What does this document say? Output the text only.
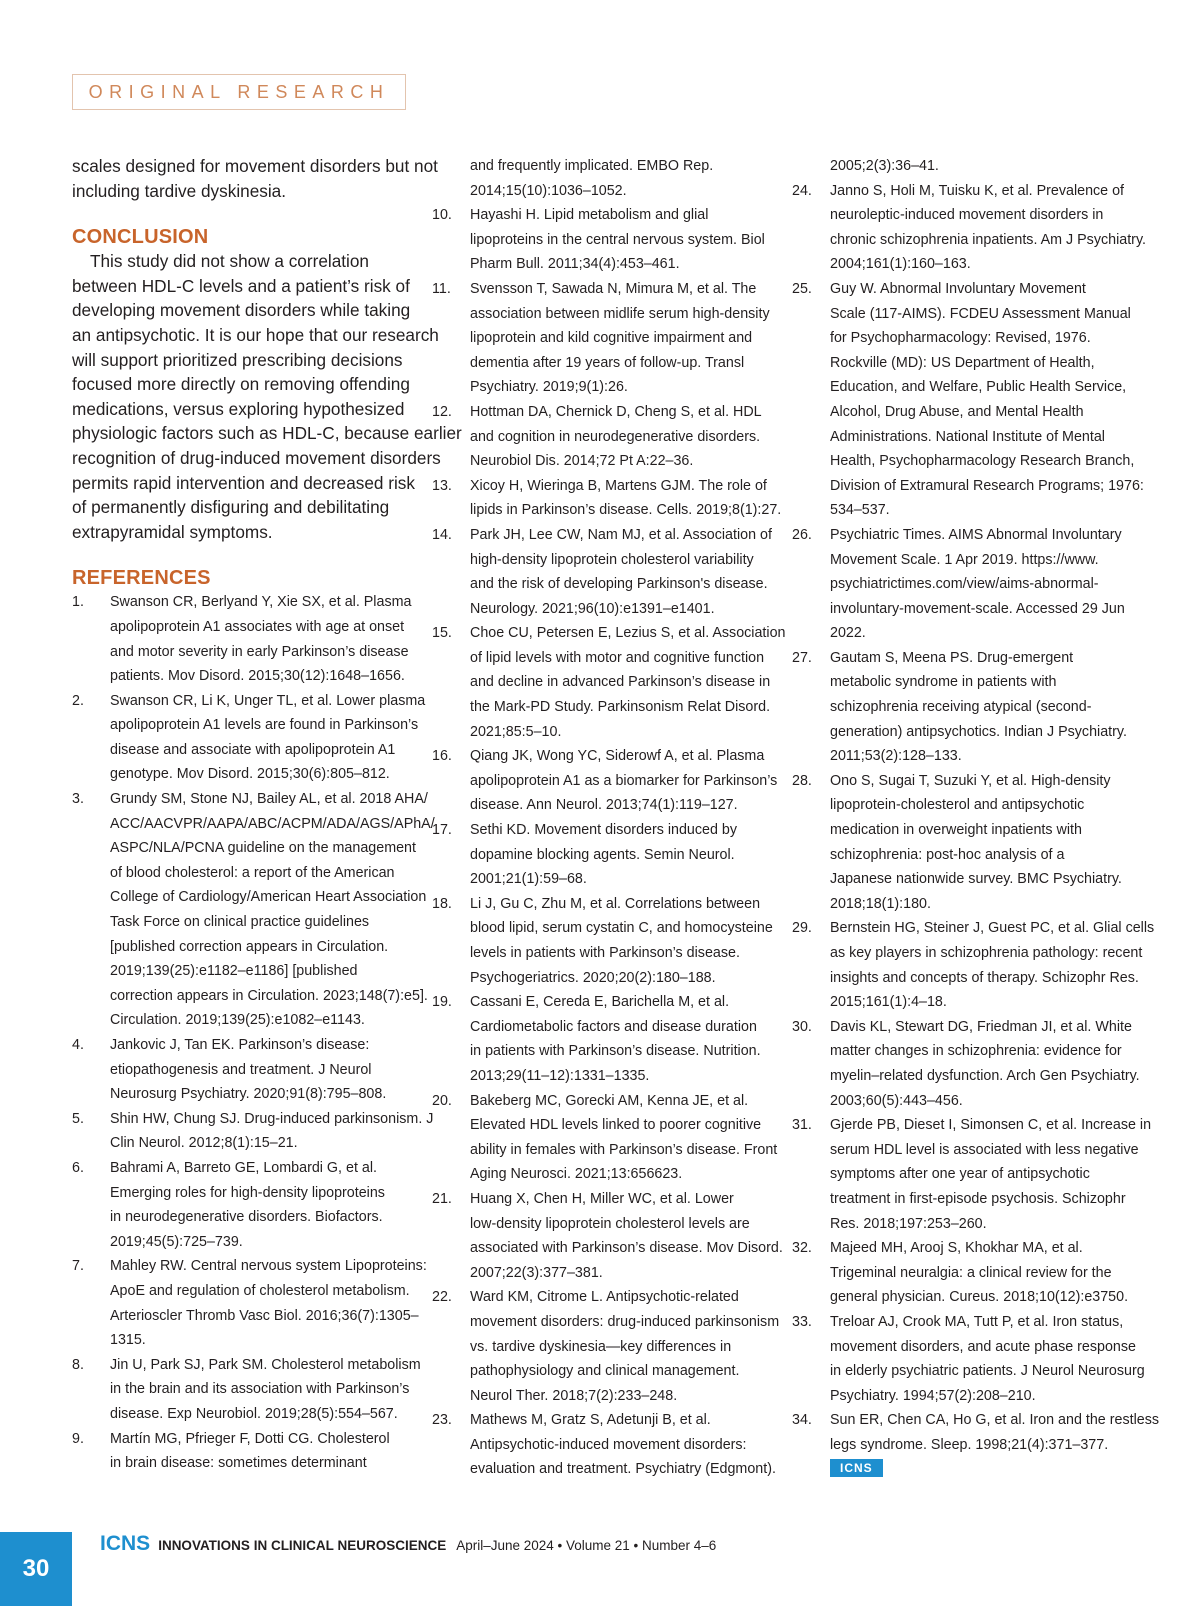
ORIGINAL RESEARCH
scales designed for movement disorders but not
including tardive dyskinesia.
CONCLUSION
This study did not show a correlation
between HDL-C levels and a patient’s risk of
developing movement disorders while taking
an antipsychotic. It is our hope that our research
will support prioritized prescribing decisions
focused more directly on removing offending
medications, versus exploring hypothesized
physiologic factors such as HDL-C, because earlier
recognition of drug-induced movement disorders
permits rapid intervention and decreased risk
of permanently disfiguring and debilitating
extrapyramidal symptoms.
REFERENCES
1.	Swanson CR, Berlyand Y, Xie SX, et al. Plasma
apolipoprotein A1 associates with age at onset
and motor severity in early Parkinson’s disease
patients. Mov Disord. 2015;30(12):1648–1656.
2.	Swanson CR, Li K, Unger TL, et al. Lower plasma
apolipoprotein A1 levels are found in Parkinson’s
disease and associate with apolipoprotein A1
genotype. Mov Disord. 2015;30(6):805–812.
3.	Grundy SM, Stone NJ, Bailey AL, et al. 2018 AHA/
ACC/AACVPR/AAPA/ABC/ACPM/ADA/AGS/APhA/
ASPC/NLA/PCNA guideline on the management
of blood cholesterol: a report of the American
College of Cardiology/American Heart Association
Task Force on clinical practice guidelines
[published correction appears in Circulation.
2019;139(25):e1182–e1186] [published
correction appears in Circulation. 2023;148(7):e5].
Circulation. 2019;139(25):e1082–e1143.
4.	Jankovic J, Tan EK. Parkinson’s disease:
etiopathogenesis and treatment. J Neurol
Neurosurg Psychiatry. 2020;91(8):795–808.
5.	Shin HW, Chung SJ. Drug-induced parkinsonism. J
Clin Neurol. 2012;8(1):15–21.
6.	Bahrami A, Barreto GE, Lombardi G, et al.
Emerging roles for high-density lipoproteins
in neurodegenerative disorders. Biofactors.
2019;45(5):725–739.
7.	Mahley RW. Central nervous system Lipoproteins:
ApoE and regulation of cholesterol metabolism.
Arterioscler Thromb Vasc Biol. 2016;36(7):1305–
1315.
8.	Jin U, Park SJ, Park SM. Cholesterol metabolism
in the brain and its association with Parkinson’s
disease. Exp Neurobiol. 2019;28(5):554–567.
9.	Martín MG, Pfrieger F, Dotti CG. Cholesterol
in brain disease: sometimes determinant
and frequently implicated. EMBO Rep.
2014;15(10):1036–1052.
10.	Hayashi H. Lipid metabolism and glial
lipoproteins in the central nervous system. Biol
Pharm Bull. 2011;34(4):453–461.
11.	Svensson T, Sawada N, Mimura M, et al. The
association between midlife serum high-density
lipoprotein and kild cognitive impairment and
dementia after 19 years of follow-up. Transl
Psychiatry. 2019;9(1):26.
12.	Hottman DA, Chernick D, Cheng S, et al. HDL
and cognition in neurodegenerative disorders.
Neurobiol Dis. 2014;72 Pt A:22–36.
13.	Xicoy H, Wieringa B, Martens GJM. The role of
lipids in Parkinson’s disease. Cells. 2019;8(1):27.
14.	Park JH, Lee CW, Nam MJ, et al. Association of
high-density lipoprotein cholesterol variability
and the risk of developing Parkinson's disease.
Neurology. 2021;96(10):e1391–e1401.
15.	Choe CU, Petersen E, Lezius S, et al. Association
of lipid levels with motor and cognitive function
and decline in advanced Parkinson’s disease in
the Mark-PD Study. Parkinsonism Relat Disord.
2021;85:5–10.
16.	Qiang JK, Wong YC, Siderowf A, et al. Plasma
apolipoprotein A1 as a biomarker for Parkinson’s
disease. Ann Neurol. 2013;74(1):119–127.
17.	Sethi KD. Movement disorders induced by
dopamine blocking agents. Semin Neurol.
2001;21(1):59–68.
18.	Li J, Gu C, Zhu M, et al. Correlations between
blood lipid, serum cystatin C, and homocysteine
levels in patients with Parkinson’s disease.
Psychogeriatrics. 2020;20(2):180–188.
19.	Cassani E, Cereda E, Barichella M, et al.
Cardiometabolic factors and disease duration
in patients with Parkinson’s disease. Nutrition.
2013;29(11–12):1331–1335.
20.	Bakeberg MC, Gorecki AM, Kenna JE, et al.
Elevated HDL levels linked to poorer cognitive
ability in females with Parkinson’s disease. Front
Aging Neurosci. 2021;13:656623.
21.	Huang X, Chen H, Miller WC, et al. Lower
low-density lipoprotein cholesterol levels are
associated with Parkinson’s disease. Mov Disord.
2007;22(3):377–381.
22.	Ward KM, Citrome L. Antipsychotic-related
movement disorders: drug-induced parkinsonism
vs. tardive dyskinesia—key differences in
pathophysiology and clinical management.
Neurol Ther. 2018;7(2):233–248.
23.	Mathews M, Gratz S, Adetunji B, et al.
Antipsychotic-induced movement disorders:
evaluation and treatment. Psychiatry (Edgmont).
2005;2(3):36–41.
24.	Janno S, Holi M, Tuisku K, et al. Prevalence of
neuroleptic-induced movement disorders in
chronic schizophrenia inpatients. Am J Psychiatry.
2004;161(1):160–163.
25.	Guy W. Abnormal Involuntary Movement
Scale (117-AIMS). FCDEU Assessment Manual
for Psychopharmacology: Revised, 1976.
Rockville (MD): US Department of Health,
Education, and Welfare, Public Health Service,
Alcohol, Drug Abuse, and Mental Health
Administrations. National Institute of Mental
Health, Psychopharmacology Research Branch,
Division of Extramural Research Programs; 1976:
534–537.
26.	Psychiatric Times. AIMS Abnormal Involuntary
Movement Scale. 1 Apr 2019. https://www.
psychiatrictimes.com/view/aims-abnormal-
involuntary-movement-scale. Accessed 29 Jun
2022.
27.	Gautam S, Meena PS. Drug-emergent
metabolic syndrome in patients with
schizophrenia receiving atypical (second-
generation) antipsychotics. Indian J Psychiatry.
2011;53(2):128–133.
28.	Ono S, Sugai T, Suzuki Y, et al. High-density
lipoprotein-cholesterol and antipsychotic
medication in overweight inpatients with
schizophrenia: post-hoc analysis of a
Japanese nationwide survey. BMC Psychiatry.
2018;18(1):180.
29.	Bernstein HG, Steiner J, Guest PC, et al. Glial cells
as key players in schizophrenia pathology: recent
insights and concepts of therapy. Schizophr Res.
2015;161(1):4–18.
30.	Davis KL, Stewart DG, Friedman JI, et al. White
matter changes in schizophrenia: evidence for
myelin–related dysfunction. Arch Gen Psychiatry.
2003;60(5):443–456.
31.	Gjerde PB, Dieset I, Simonsen C, et al. Increase in
serum HDL level is associated with less negative
symptoms after one year of antipsychotic
treatment in first-episode psychosis. Schizophr
Res. 2018;197:253–260.
32.	Majeed MH, Arooj S, Khokhar MA, et al.
Trigeminal neuralgia: a clinical review for the
general physician. Cureus. 2018;10(12):e3750.
33.	Treloar AJ, Crook MA, Tutt P, et al. Iron status,
movement disorders, and acute phase response
in elderly psychiatric patients. J Neurol Neurosurg
Psychiatry. 1994;57(2):208–210.
34.	Sun ER, Chen CA, Ho G, et al. Iron and the restless
legs syndrome. Sleep. 1998;21(4):371–377.
ICNS
30
ICNS INNOVATIONS IN CLINICAL NEUROSCIENCE April–June 2024 • Volume 21 • Number 4–6
